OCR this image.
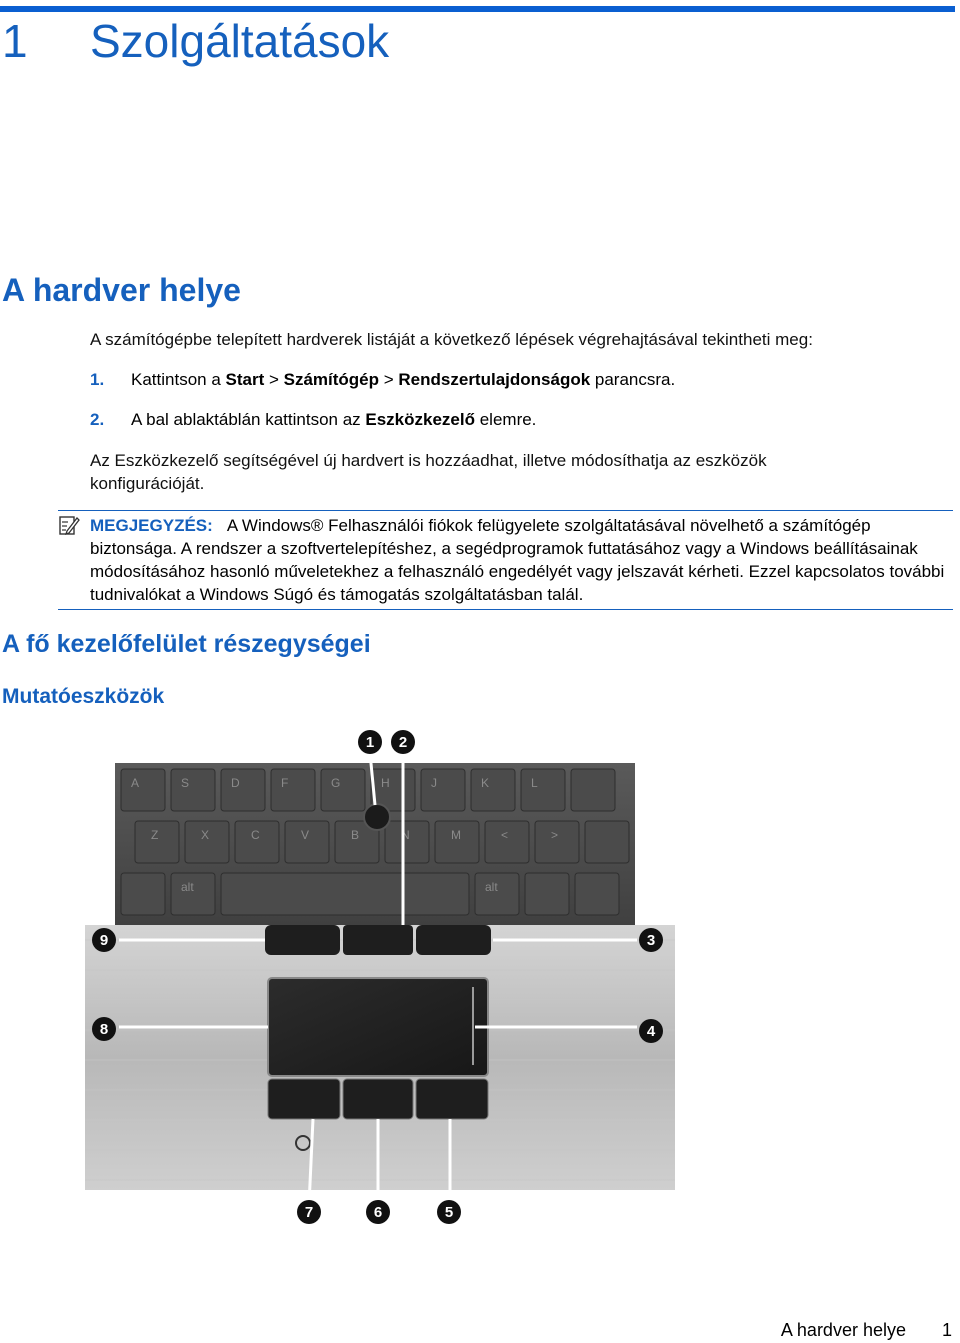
1 Szolgáltatások
A hardver helye
A számítógépbe telepített hardverek listáját a következő lépések végrehajtásával tekintheti meg:
1. Kattintson a Start > Számítógép > Rendszertulajdonságok parancsra.
2. A bal ablaktáblán kattintson az Eszközkezelő elemre.
Az Eszközkezelő segítségével új hardvert is hozzáadhat, illetve módosíthatja az eszközök
konfigurációját.
MEGJEGYZÉS: A Windows® Felhasználói fiókok felügyelete szolgáltatásával növelhető a számítógép biztonsága. A rendszer a szoftvertelepítéshez, a segédprogramok futtatásához vagy a Windows beállításainak módosításához hasonló műveletekhez a felhasználó engedélyét vagy jelszavát kérheti. Ezzel kapcsolatos további tudnivalókat a Windows Súgó és támogatás szolgáltatásban talál.
A fő kezelőfelület részegységei
Mutatóeszközök
A	S	D	F	G	H	J	K	L
Z	X	C	V	B	N	M	<	>
alt	alt
1 2
3
4
5
6
7
8
9
A hardver helye 1
